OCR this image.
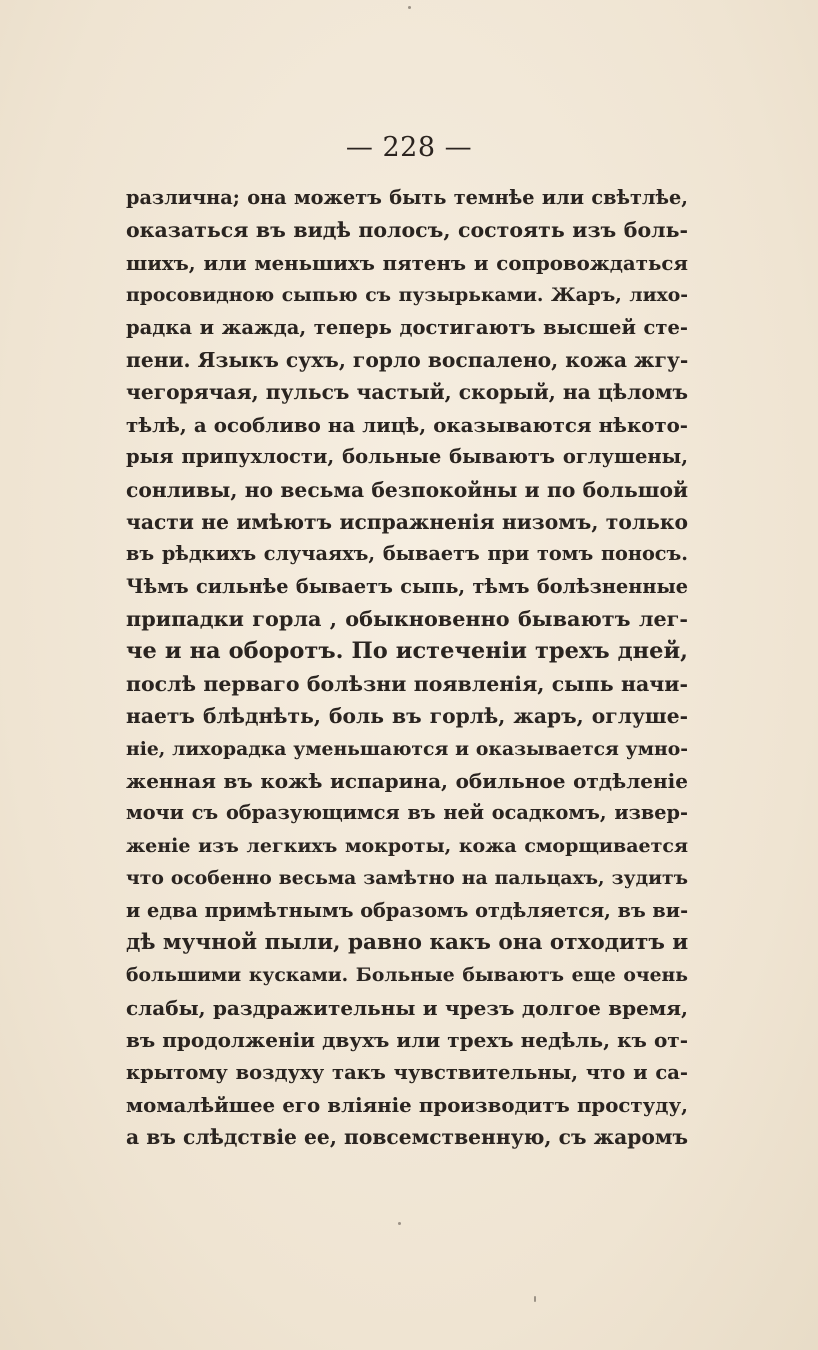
— 228 —
различна; она можетъ быть темнѣе или свѣтлѣе,
оказаться въ видѣ полосъ, состоять изъ боль-
шихъ, или меньшихъ пятенъ и сопровождаться
просовидною сыпью съ пузырьками. Жаръ, лихо-
радка и жажда, теперь достигаютъ высшей сте-
пени. Языкъ сухъ, горло воспалено, кожа жгу-
чегорячая, пульсъ частый, скорый, на цѣломъ
тѣлѣ, а особливо на лицѣ, оказываются нѣкото-
рыя припухлости, больные бываютъ оглушены,
сонливы, но весьма безпокойны и по большой
части не имѣютъ испражненія низомъ, только
въ рѣдкихъ случаяхъ, бываетъ при томъ поносъ.
Чѣмъ сильнѣе бываетъ сыпь, тѣмъ болѣзненные
припадки горла , обыкновенно бываютъ лег-
че и на оборотъ. По истеченіи трехъ дней,
послѣ перваго болѣзни появленія, сыпь начи-
наетъ блѣднѣть, боль въ горлѣ, жаръ, оглуше-
ніе, лихорадка уменьшаются и оказывается умно-
женная въ кожѣ испарина, обильное отдѣленіе
мочи съ образующимся въ ней осадкомъ, извер-
женіе изъ легкихъ мокроты, кожа сморщивается
что особенно весьма замѣтно на пальцахъ, зудитъ
и едва примѣтнымъ образомъ отдѣляется, въ ви-
дѣ мучной пыли, равно какъ она отходитъ и
большими кусками. Больные бываютъ еще очень
слабы, раздражительны и чрезъ долгое время,
въ продолженіи двухъ или трехъ недѣль, къ от-
крытому воздуху такъ чувствительны, что и са-
момалѣйшее его вліяніе производитъ простуду,
а въ слѣдствіе ее, повсемственную, съ жаромъ
